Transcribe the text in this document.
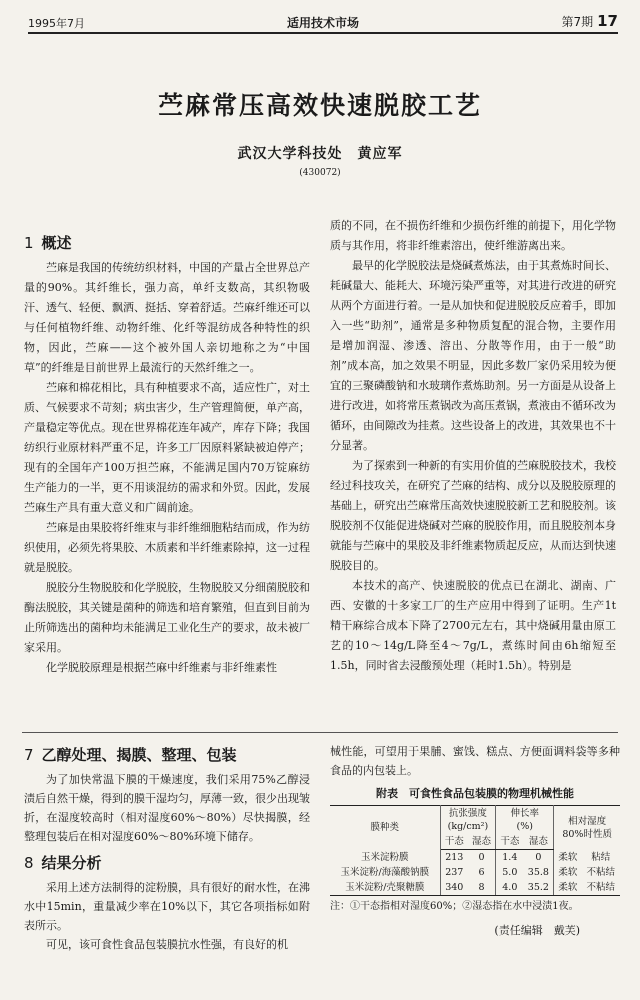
1995年7月	适用技术市场	第7期 17
苎麻常压高效快速脱胶工艺
武汉大学科技处　黄应军
(430072)
1 概述

苎麻是我国的传统纺织材料，中国的产量占全世界总产量的90%。其纤维长，强力高，单纤支数高，其织物吸汗、透气、轻便、飘洒、挺括、穿着舒适。苎麻纤维还可以与任何植物纤维、动物纤维、化纤等混纺成各种特性的织物，因此，苎麻——这个被外国人亲切地称之为“中国草”的纤维是目前世界上最流行的天然纤维之一。

苎麻和棉花相比，具有种植要求不高，适应性广，对土质、气候要求不苛刻；病虫害少，生产管理简便，单产高，产量稳定等优点。现在世界棉花连年减产，库存下降；我国纺织行业原材料严重不足，许多工厂因原料紧缺被迫停产；现有的全国年产100万担苎麻，不能满足国内70万锭麻纺生产能力的一半，更不用谈混纺的需求和外贸。因此，发展苎麻生产具有重大意义和广阔前途。

苎麻是由果胶将纤维束与非纤维细胞粘结而成，作为纺织使用，必须先将果胶、木质素和半纤维素除掉，这一过程就是脱胶。

脱胶分生物脱胶和化学脱胶，生物脱胶又分细菌脱胶和酶法脱胶，其关键是菌种的筛选和培育繁殖，但直到目前为止所筛选出的菌种均未能满足工业化生产的要求，故未被厂家采用。

化学脱胶原理是根据苎麻中纤维素与非纤维素性

质的不同，在不损伤纤维和少损伤纤维的前提下，用化学物质与其作用，将非纤维素溶出，使纤维游离出来。

最早的化学脱胶法是烧碱煮炼法，由于其煮炼时间长、耗碱量大、能耗大、环境污染严重等，对其进行改进的研究从两个方面进行着。一是从加快和促进脱胶反应着手，即加入一些“助剂”，通常是多种物质复配的混合物，主要作用是增加润湿、渗透、溶出、分散等作用，由于一般“助剂”成本高，加之效果不明显，因此多数厂家仍采用较为便宜的三聚磷酸钠和水玻璃作煮炼助剂。另一方面是从设备上进行改进，如将常压煮锅改为高压煮锅，煮液由不循环改为循环，由间隙改为挂煮。这些设备上的改进，其效果也不十分显著。

为了探索到一种新的有实用价值的苎麻脱胶技术，我校经过科技攻关，在研究了苎麻的结构、成分以及脱胶原理的基础上，研究出苎麻常压高效快速脱胶新工艺和脱胶剂。该脱胶剂不仅能促进烧碱对苎麻的脱胶作用，而且脱胶剂本身就能与苎麻中的果胶及非纤维素物质起反应，从而达到快速脱胶目的。

本技术的高产、快速脱胶的优点已在湖北、湖南、广西、安徽的十多家工厂的生产应用中得到了证明。生产1t精干麻综合成本下降了2700元左右，其中烧碱用量由原工艺的10～14g/L降至4～7g/L，煮练时间由6h缩短至1.5h，同时省去浸酸预处理（耗时1.5h）。特别是

7 乙醇处理、揭膜、整理、包装

为了加快常温下膜的干燥速度，我们采用75%乙醇浸渍后自然干燥，得到的膜干湿均匀，厚薄一致，很少出现皱折，在湿度较高时（相对湿度60%～80%）尽快揭膜，经整理包装后在相对湿度60%～80%环境下储存。

8 结果分析

采用上述方法制得的淀粉膜，具有很好的耐水性，在沸水中15min，重量减少率在10%以下，其它各项指标如附表所示。

可见，该可食性食品包装膜抗水性强，有良好的机

械性能，可望用于果脯、蜜饯、糕点、方便面调料袋等多种食品的内包装上。

附表　可食性食品包装膜的物理机械性能
膜种类	抗张强度
(kg/cm²)		伸长率
(%)		相对湿度
80%时性质	
	干态	湿态	干态	湿态		
玉米淀粉膜	213	0	1.4	0	柔软	粘结
玉米淀粉/海藻酸钠膜	237	6	5.0	35.8	柔软	不粘结
玉米淀粉/壳聚糖膜	340	8	4.0	35.2	柔软	不粘结
注：①干态指相对湿度60%；②湿态指在水中浸渍1夜。
(责任编辑　戴芙)
